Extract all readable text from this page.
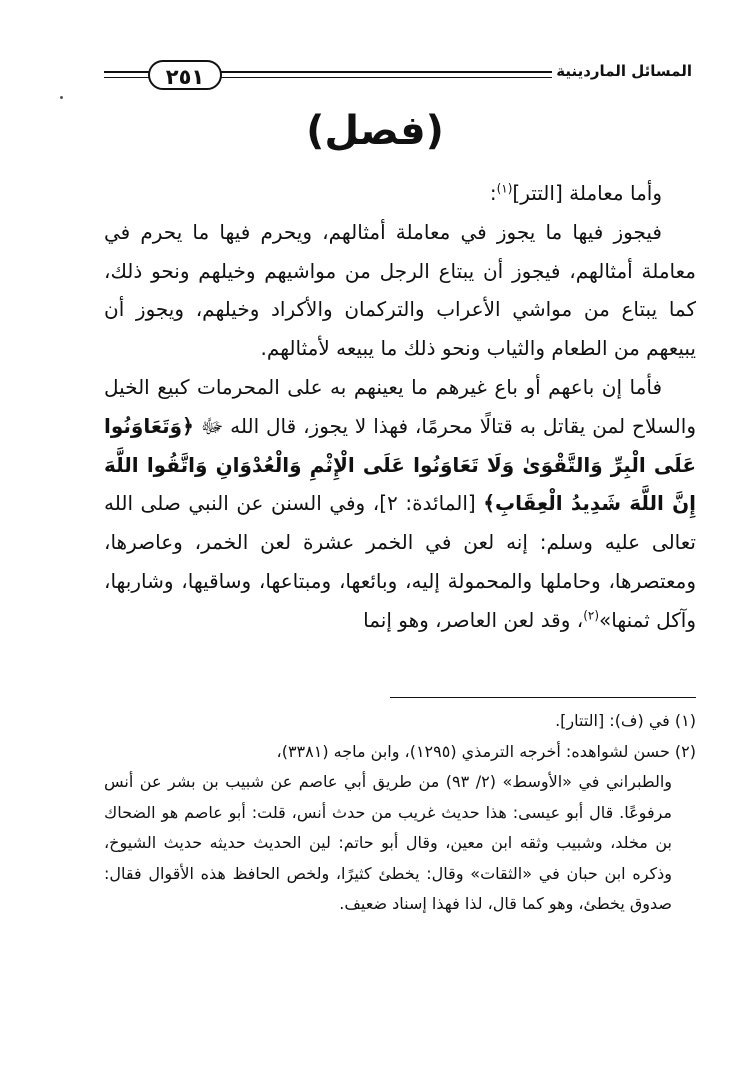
المسائل الماردينية
٢٥١
(فصل)

وأما معاملة [التتر]$^{(١)}$:

فيجوز فيها ما يجوز في معاملة أمثالهم، ويحرم فيها ما يحرم في معاملة أمثالهم، فيجوز أن يبتاع الرجل من مواشيهم وخيلهم ونحو ذلك، كما يبتاع من مواشي الأعراب والتركمان والأكراد وخيلهم، ويجوز أن يبيعهم من الطعام والثياب ونحو ذلك ما يبيعه لأمثالهم.

فأما إن باعهم أو باع غيرهم ما يعينهم به على المحرمات كبيع الخيل والسلاح لمن يقاتل به قتالًا محرمًا، فهذا لا يجوز، قال الله ﷻ ﴿وَتَعَاوَنُوا عَلَى الْبِرِّ وَالتَّقْوَىٰ وَلَا تَعَاوَنُوا عَلَى الْإِثْمِ وَالْعُدْوَانِ وَاتَّقُوا اللَّهَ إِنَّ اللَّهَ شَدِيدُ الْعِقَابِ﴾ [المائدة: ٢]، وفي السنن عن النبي صلى الله تعالى عليه وسلم: إنه لعن في الخمر عشرة لعن الخمر، وعاصرها، ومعتصرها، وحاملها والمحمولة إليه، وبائعها، ومبتاعها، وساقيها، وشاربها، وآكل ثمنها»$^{(٢)}$، وقد لعن العاصر، وهو إنما

(١) في (ف): [التتار].

(٢) حسن لشواهده: أخرجه الترمذي (١٢٩٥)، وابن ماجه (٣٣٨١)،

والطبراني في «الأوسط» (٢/ ٩٣) من طريق أبي عاصم عن شبيب بن بشر عن أنس مرفوعًا. قال أبو عيسى: هذا حديث غريب من حدث أنس، قلت: أبو عاصم هو الضحاك بن مخلد، وشبيب وثقه ابن معين، وقال أبو حاتم: لين الحديث حديثه حديث الشيوخ، وذكره ابن حبان في «الثقات» وقال: يخطئ كثيرًا، ولخص الحافظ هذه الأقوال فقال: صدوق يخطئ، وهو كما قال، لذا فهذا إسناد ضعيف.
